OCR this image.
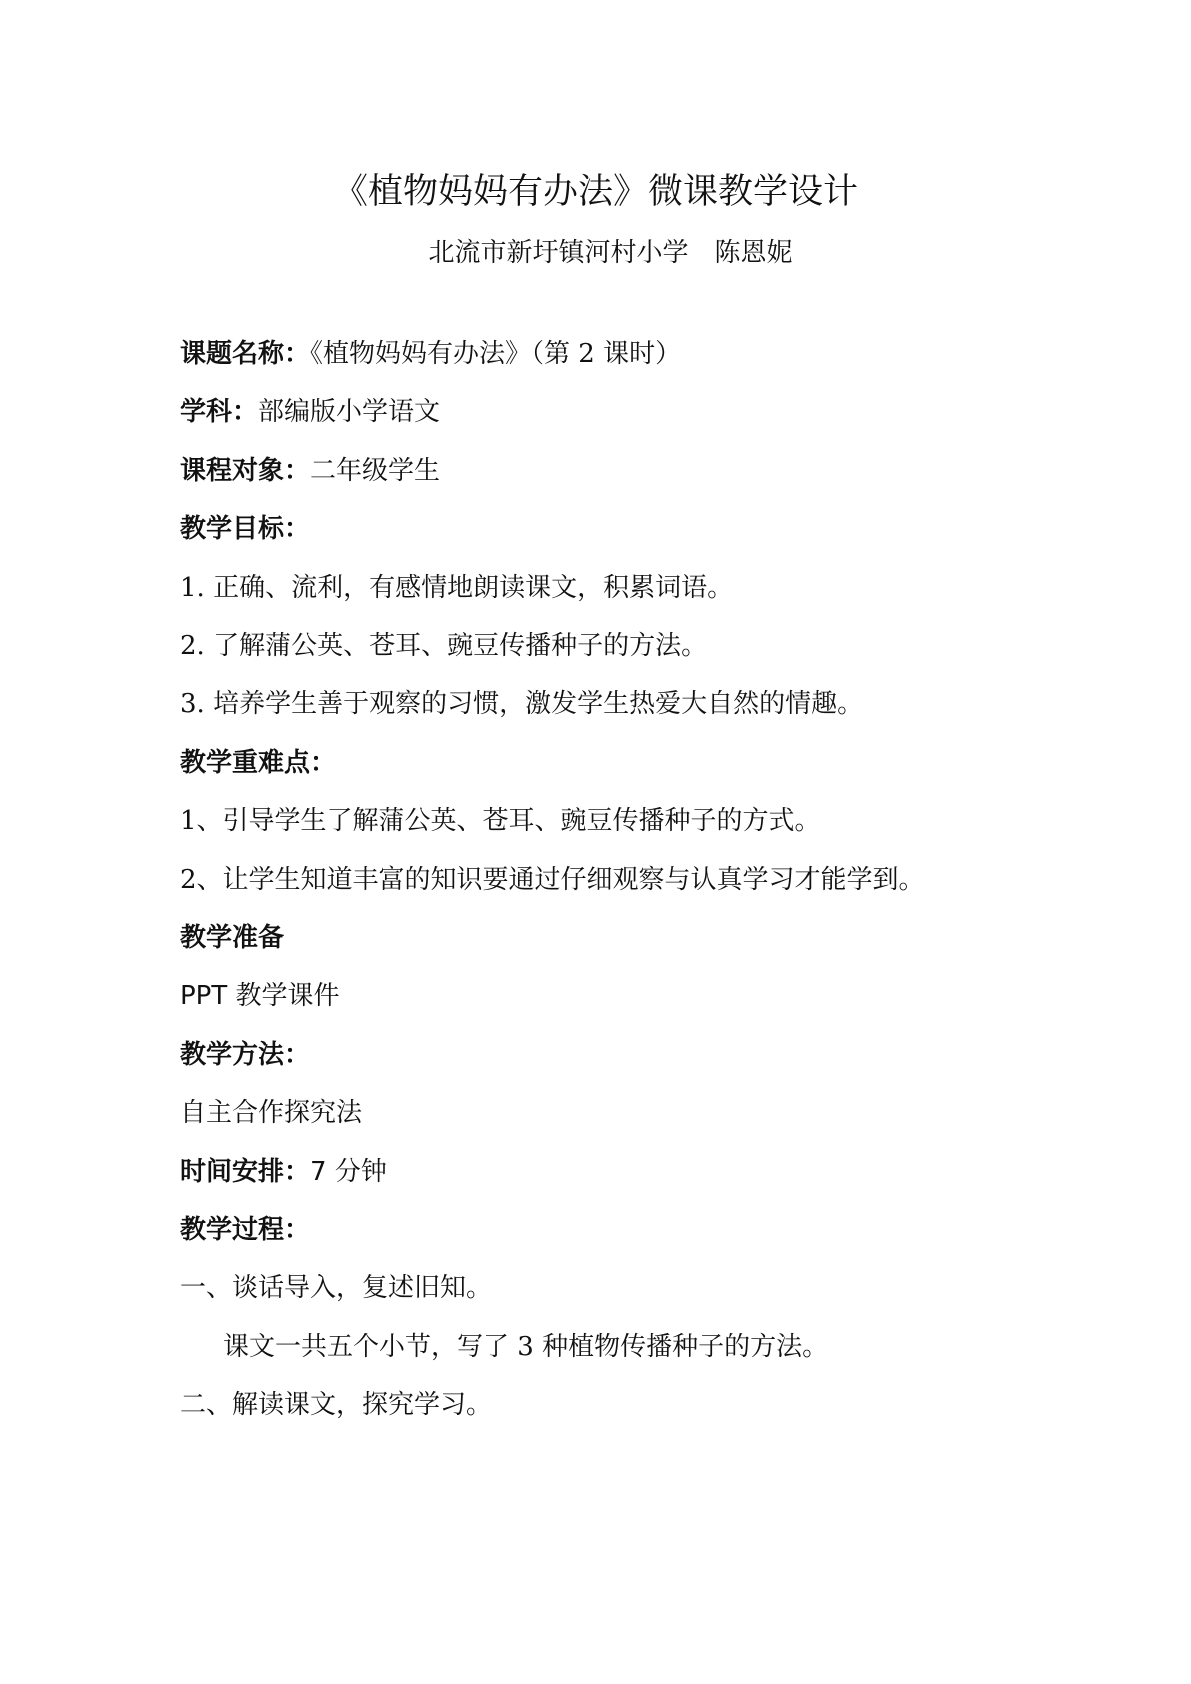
《植物妈妈有办法》微课教学设计
北流市新圩镇河村小学　陈恩妮
课题名称：《植物妈妈有办法》（第 2 课时）
学科：部编版小学语文
课程对象：二年级学生
教学目标：
1. 正确、流利，有感情地朗读课文，积累词语。
2. 了解蒲公英、苍耳、豌豆传播种子的方法。
3. 培养学生善于观察的习惯，激发学生热爱大自然的情趣。
教学重难点：
1、引导学生了解蒲公英、苍耳、豌豆传播种子的方式。
2、让学生知道丰富的知识要通过仔细观察与认真学习才能学到。
教学准备
PPT 教学课件
教学方法：
自主合作探究法
时间安排：7 分钟
教学过程：
一、谈话导入，复述旧知。
课文一共五个小节，写了 3 种植物传播种子的方法。
二、解读课文，探究学习。
